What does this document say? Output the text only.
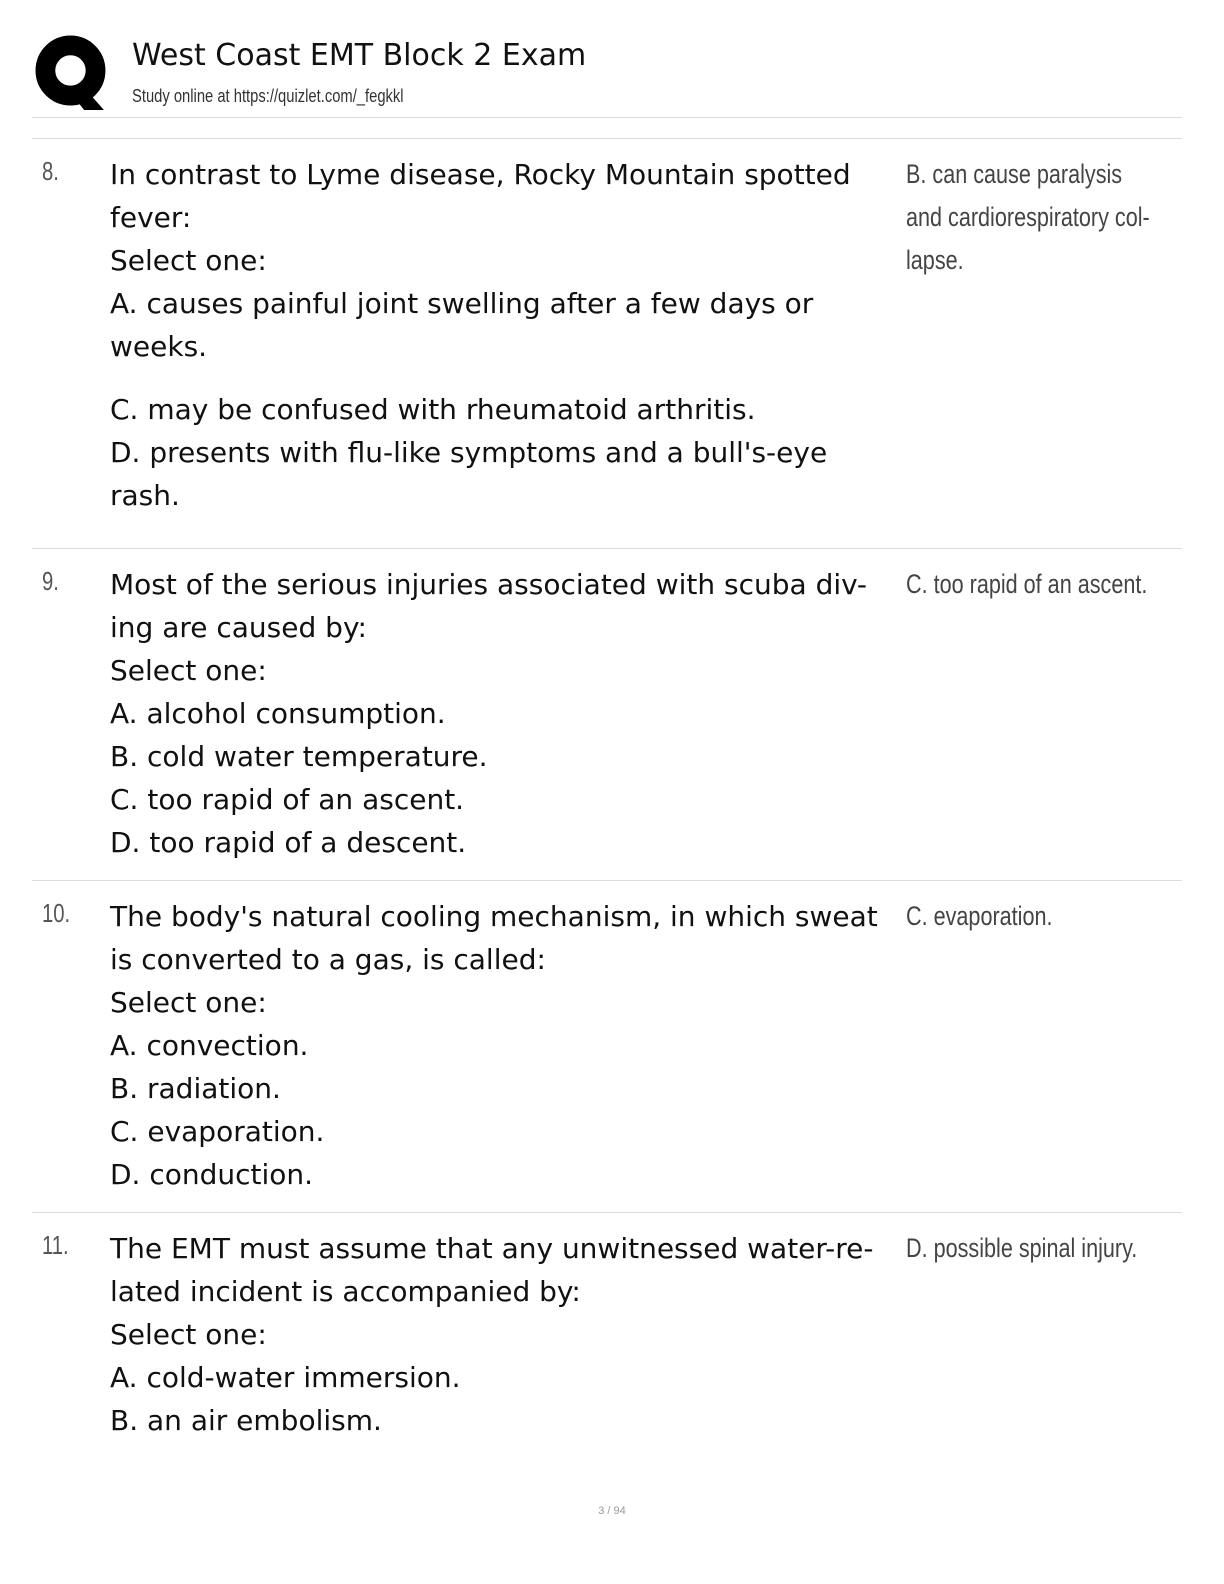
West Coast EMT Block 2 Exam
Study online at https://quizlet.com/_fegkkl
8. In contrast to Lyme disease, Rocky Mountain spotted
fever:
Select one:
A. causes painful joint swelling after a few days or
weeks.
C. may be confused with rheumatoid arthritis.
D. presents with flu-like symptoms and a bull's-eye
rash.
B. can cause paralysis
and cardiorespiratory col-
lapse.
9. Most of the serious injuries associated with scuba div-
ing are caused by:
Select one:
A. alcohol consumption.
B. cold water temperature.
C. too rapid of an ascent.
D. too rapid of a descent.
C. too rapid of an ascent.
10. The body's natural cooling mechanism, in which sweat
is converted to a gas, is called:
Select one:
A. convection.
B. radiation.
C. evaporation.
D. conduction.
C. evaporation.
11. The EMT must assume that any unwitnessed water-re-
lated incident is accompanied by:
Select one:
A. cold-water immersion.
B. an air embolism.
D. possible spinal injury.
3 / 94
